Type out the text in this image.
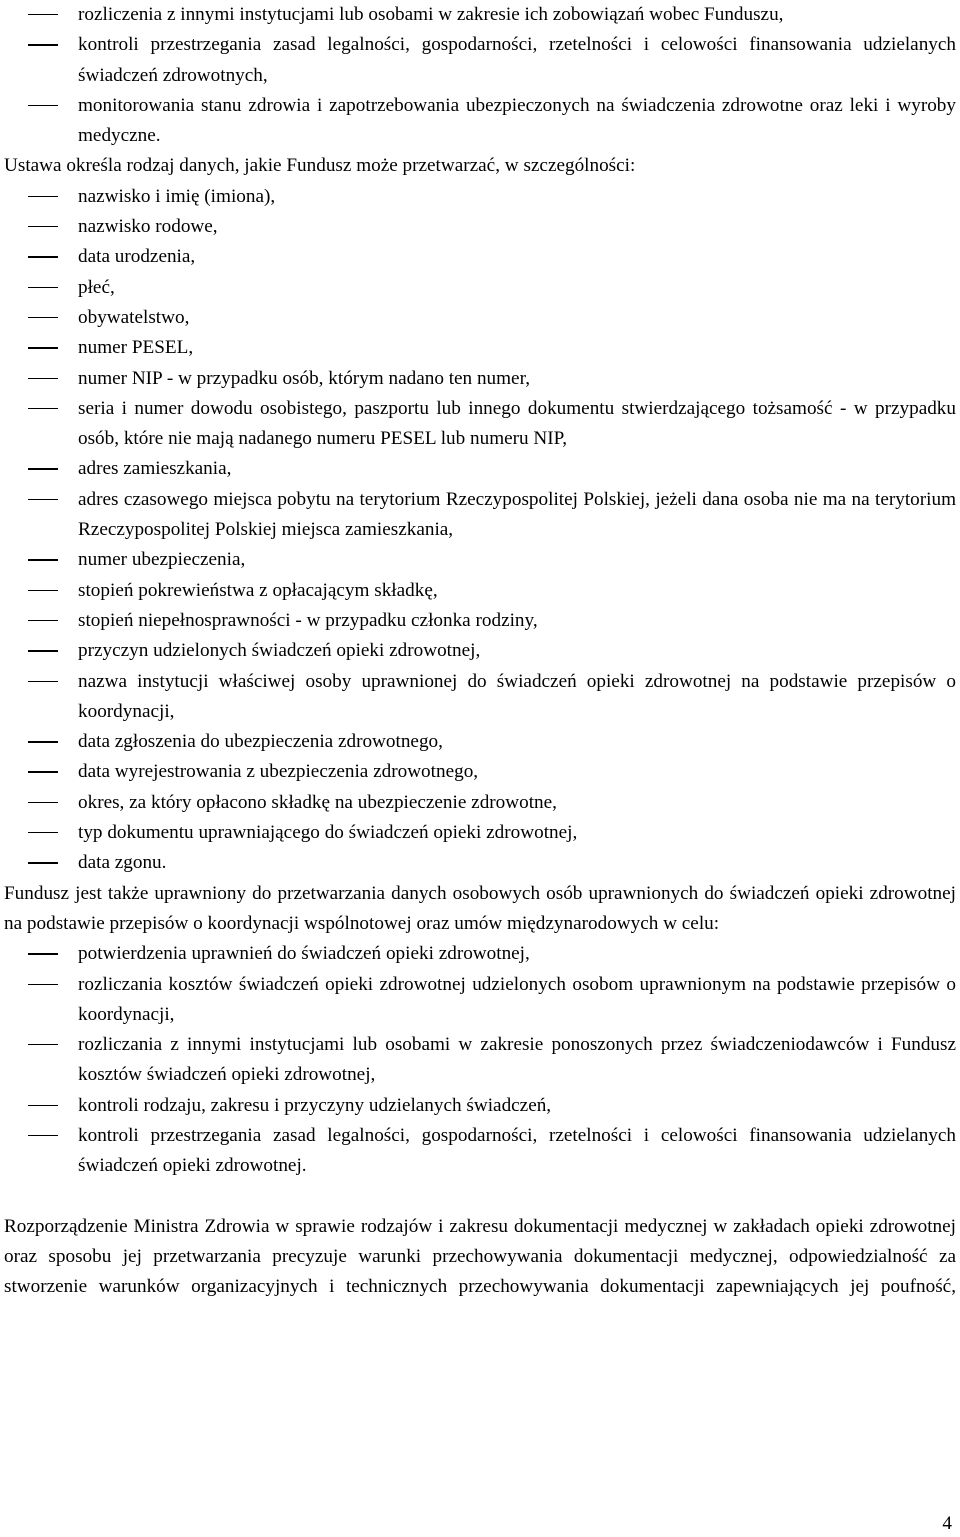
rozliczenia z innymi instytucjami lub osobami w zakresie ich zobowiązań wobec Funduszu,
kontroli przestrzegania zasad legalności, gospodarności, rzetelności i celowości finansowania udzielanych świadczeń zdrowotnych,
monitorowania stanu zdrowia i zapotrzebowania ubezpieczonych na świadczenia zdrowotne oraz leki i wyroby medyczne.

Ustawa określa rodzaj danych, jakie Fundusz może przetwarzać, w szczególności:

nazwisko i imię (imiona),
nazwisko rodowe,
data urodzenia,
płeć,
obywatelstwo,
numer PESEL,
numer NIP - w przypadku osób, którym nadano ten numer,
seria i numer dowodu osobistego, paszportu lub innego dokumentu stwierdzającego tożsamość - w przypadku osób, które nie mają nadanego numeru PESEL lub numeru NIP,
adres zamieszkania,
adres czasowego miejsca pobytu na terytorium Rzeczypospolitej Polskiej, jeżeli dana osoba nie ma na terytorium Rzeczypospolitej Polskiej miejsca zamieszkania,
numer ubezpieczenia,
stopień pokrewieństwa z opłacającym składkę,
stopień niepełnosprawności - w przypadku członka rodziny,
przyczyn udzielonych świadczeń opieki zdrowotnej,
nazwa instytucji właściwej osoby uprawnionej do świadczeń opieki zdrowotnej na podstawie przepisów o koordynacji,
data zgłoszenia do ubezpieczenia zdrowotnego,
data wyrejestrowania z ubezpieczenia zdrowotnego,
okres, za który opłacono składkę na ubezpieczenie zdrowotne,
typ dokumentu uprawniającego do świadczeń opieki zdrowotnej,
data zgonu.

Fundusz jest także uprawniony do przetwarzania danych osobowych osób uprawnionych do świadczeń opieki zdrowotnej na podstawie przepisów o koordynacji wspólnotowej oraz umów międzynarodowych w celu:

potwierdzenia uprawnień do świadczeń opieki zdrowotnej,
rozliczania kosztów świadczeń opieki zdrowotnej udzielonych osobom uprawnionym na podstawie przepisów o koordynacji,
rozliczania z innymi instytucjami lub osobami w zakresie ponoszonych przez świadczeniodawców i Fundusz kosztów świadczeń opieki zdrowotnej,
kontroli rodzaju, zakresu i przyczyny udzielanych świadczeń,
kontroli przestrzegania zasad legalności, gospodarności, rzetelności i celowości finansowania udzielanych świadczeń opieki zdrowotnej.

Rozporządzenie Ministra Zdrowia w sprawie rodzajów i zakresu dokumentacji medycznej w zakładach opieki zdrowotnej oraz sposobu jej przetwarzania precyzuje warunki przechowywania dokumentacji medycznej, odpowiedzialność za stworzenie warunków organizacyjnych i technicznych przechowywania dokumentacji zapewniających jej poufność,

4
